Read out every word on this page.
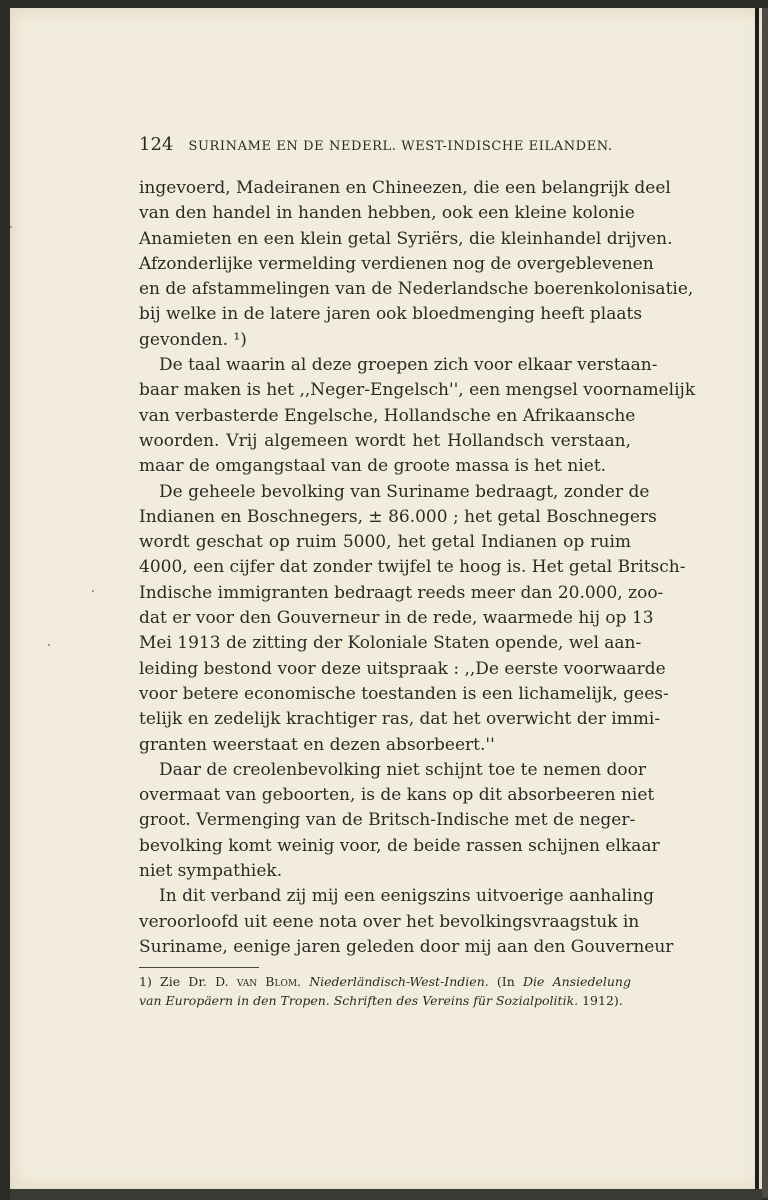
124 SURINAME EN DE NEDERL. WEST-INDISCHE EILANDEN.
ingevoerd, Madeiranen en Chineezen, die een belangrijk deel
van den handel in handen hebben, ook een kleine kolonie
Anamieten en een klein getal Syriërs, die kleinhandel drijven.
Afzonderlijke vermelding verdienen nog de overgeblevenen
en de afstammelingen van de Nederlandsche boerenkolonisatie,
bij welke in de latere jaren ook bloedmenging heeft plaats
gevonden. ¹)
De taal waarin al deze groepen zich voor elkaar verstaan-
baar maken is het ,,Neger-Engelsch'', een mengsel voornamelijk
van verbasterde Engelsche, Hollandsche en Afrikaansche
woorden. Vrij algemeen wordt het Hollandsch verstaan,
maar de omgangstaal van de groote massa is het niet.
De geheele bevolking van Suriname bedraagt, zonder de
Indianen en Boschnegers, ± 86.000 ; het getal Boschnegers
wordt geschat op ruim 5000, het getal Indianen op ruim
4000, een cijfer dat zonder twijfel te hoog is. Het getal Britsch-
Indische immigranten bedraagt reeds meer dan 20.000, zoo-
dat er voor den Gouverneur in de rede, waarmede hij op 13
Mei 1913 de zitting der Koloniale Staten opende, wel aan-
leiding bestond voor deze uitspraak : ,,De eerste voorwaarde
voor betere economische toestanden is een lichamelijk, gees-
telijk en zedelijk krachtiger ras, dat het overwicht der immi-
granten weerstaat en dezen absorbeert.''
Daar de creolenbevolking niet schijnt toe te nemen door
overmaat van geboorten, is de kans op dit absorbeeren niet
groot. Vermenging van de Britsch-Indische met de neger-
bevolking komt weinig voor, de beide rassen schijnen elkaar
niet sympathiek.
In dit verband zij mij een eenigszins uitvoerige aanhaling
veroorloofd uit eene nota over het bevolkingsvraagstuk in
Suriname, eenige jaren geleden door mij aan den Gouverneur
1) Zie Dr. D. van Blom. Niederländisch-West-Indien. (In Die Ansiedelung
van Europäern in den Tropen. Schriften des Vereins für Sozialpolitik. 1912).
